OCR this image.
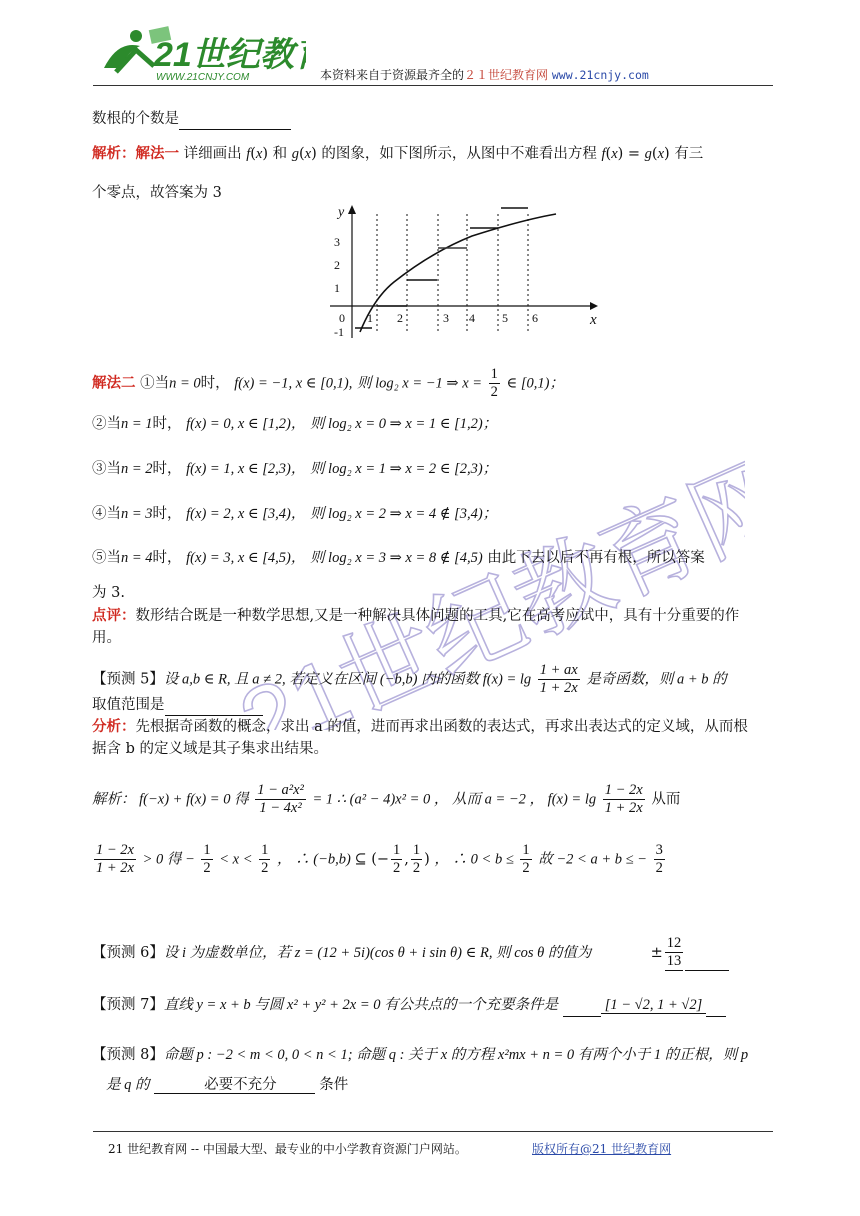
21世纪教
WWW.21CNJY.COM	本资料来自于资源最齐全的２１世纪教育网 www.21cnjy.com
21世纪教育网
数根的个数是
解析：解法一 详细画出 f(x) 和 g(x) 的图象，如下图所示，从图中不难看出方程 f(x) = g(x) 有三
个零点，故答案为 3
y
x
3
2
1
-1
0 1 2	3 4 5 6
解法二 ①当n = 0时， f(x) = −1, x ∈ [0,1), 则 log₂ x = −1 ⇒ $x = \frac{1}{2}$ ∈ [0,1)；
②当n = 1时， f(x) = 0, x ∈ [1,2)， 则 log₂ x = 0 ⇒ x = 1 ∈ [1,2)；
③当n = 2时， f(x) = 1, x ∈ [2,3)， 则 log₂ x = 1 ⇒ x = 2 ∈ [2,3)；
④当n = 3时， f(x) = 2, x ∈ [3,4)， 则 log₂ x = 2 ⇒ x = 4 ∉ [3,4)；
⑤当n = 4时， f(x) = 3, x ∈ [4,5)， 则 log₂ x = 3 ⇒ x = 8 ∉ [4,5) 由此下去以后不再有根，所以答案
为 3.
点评：数形结合既是一种数学思想,又是一种解决具体问题的工具,它在高考应试中，具有十分重要的作
用。
【预测 5】设 a,b ∈ R, 且 a ≠ 2, 若定义在区间 (−b,b) 内的函数 $f(x) = \lg \frac{1 + ax}{1 + 2x}$ 是奇函数，则 a + b 的
取值范围是
分析：先根据奇函数的概念，求出 a 的值，进而再求出函数的表达式，再求出表达式的定义域，从而根
据含 b 的定义域是其子集求出结果。
解析： f(−x) + f(x) = 0 得 $\frac{\text{1 − a²x²}}{\text{1 − 4x²}} = 1$ ∴ (a² − 4)x² = 0 ， 从而 a = −2 ， $f(x) = \lg \frac{1 - 2x}{1 + 2x}$ 从而
$\frac{1 - 2x}{1 + 2x} > 0$ 得 − $\frac{1}{2} < x < \frac{1}{2}$ ， ∴ (−b,b) ⊆ (− $\frac{1}{2}$ , $\frac{1}{2}$ ) ， ∴ $0 < b \le \frac{1}{2}$ 故 −2 < a + b ≤ − $\frac{3}{2}$
【预测 6】设 i 为虚数单位，若 z = (12 + 5i)(cos θ + i sin θ) ∈ R, 则 cos θ 的值为	± $\frac{12}{13}$
【预测 7】直线 y = x + b 与圆 x² + y² + 2x = 0 有公共点的一个充要条件是	[1 − √2, 1 + √2]
【预测 8】命题 p : −2 < m < 0, 0 < n < 1; 命题 q : 关于 x 的方程 x²mx + n = 0 有两个小于 1 的正根，则 p
是 q 的	必要不充分	条件
21 世纪教育网 -- 中国最大型、最专业的中小学教育资源门户网站。	版权所有@21 世纪教育网
